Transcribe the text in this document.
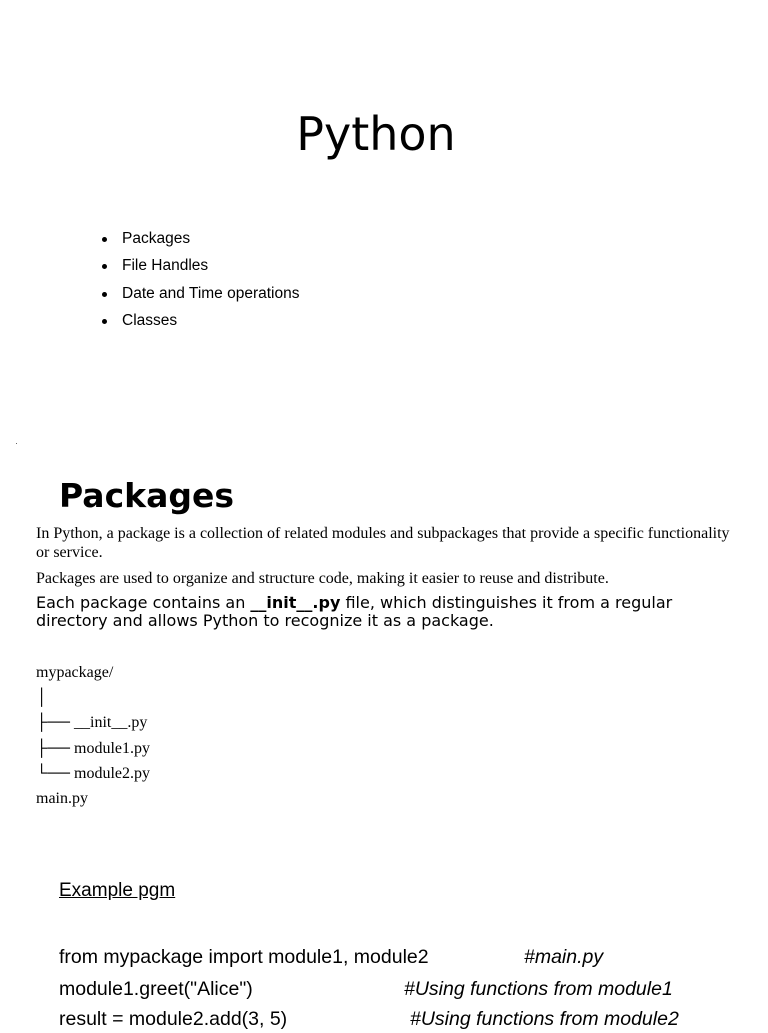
Python
Packages
File Handles
Date and Time operations
Classes
Packages

In Python, a package is a collection of related modules and subpackages that provide a specific functionality or service.

Packages are used to organize and structure code, making it easier to reuse and distribute.

Each package contains an __init__.py file, which distinguishes it from a regular directory and allows Python to recognize it as a package.

mypackage/
│
├── __init__.py
├── module1.py
└── module2.py
main.py
Example pgm
from mypackage import module1, module2	#main.py
module1.greet("Alice")	#Using functions from module1
result = module2.add(3, 5)	#Using functions from module2
